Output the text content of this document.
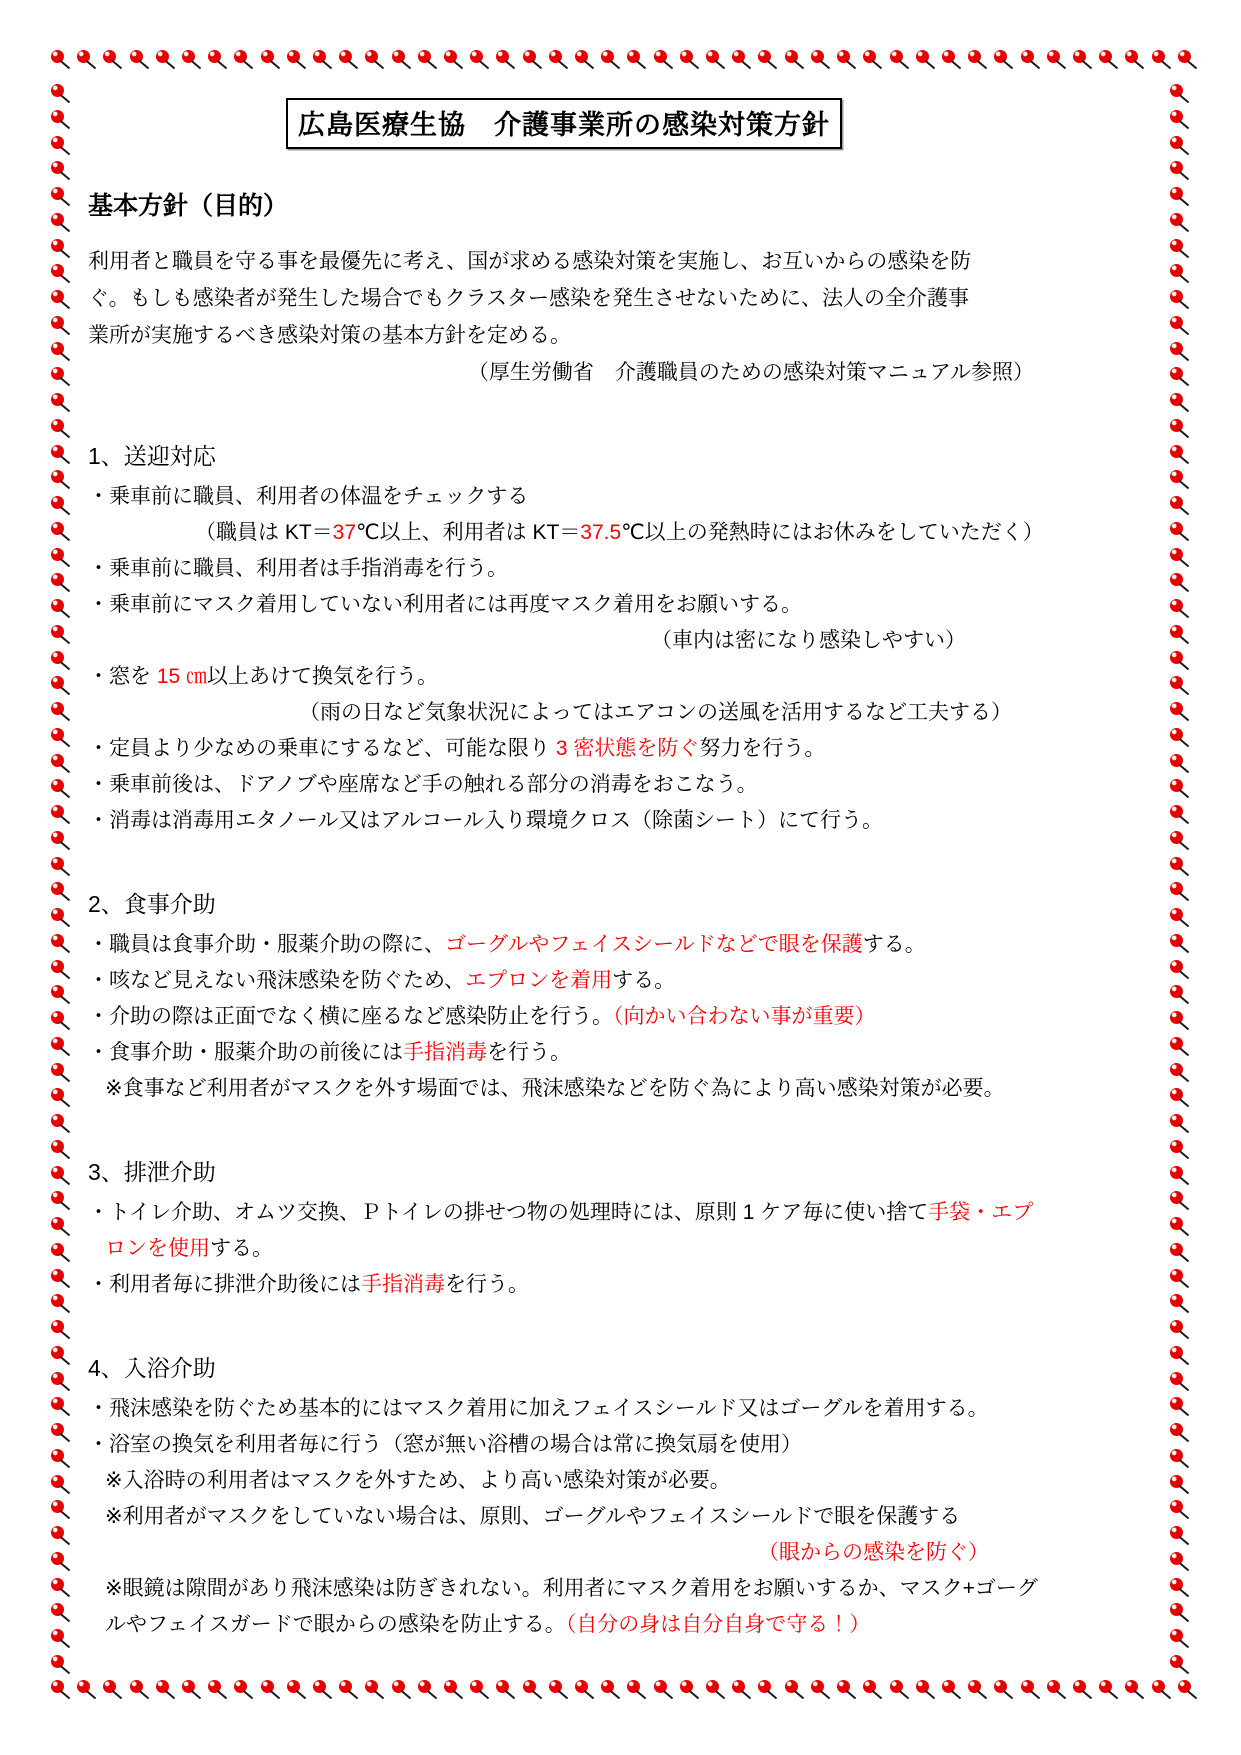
広島医療生協　介護事業所の感染対策方針
基本方針（目的）
利用者と職員を守る事を最優先に考え、国が求める感染対策を実施し、お互いからの感染を防
ぐ。もしも感染者が発生した場合でもクラスター感染を発生させないために、法人の全介護事
業所が実施するべき感染対策の基本方針を定める。
（厚生労働省　介護職員のための感染対策マニュアル参照）
1、送迎対応
・乗車前に職員、利用者の体温をチェックする
（職員は KT＝37℃以上、利用者は KT＝37.5℃以上の発熱時にはお休みをしていただく）
・乗車前に職員、利用者は手指消毒を行う。
・乗車前にマスク着用していない利用者には再度マスク着用をお願いする。
（車内は密になり感染しやすい）
・窓を 15 ㎝以上あけて換気を行う。
（雨の日など気象状況によってはエアコンの送風を活用するなど工夫する）
・定員より少なめの乗車にするなど、可能な限り 3 密状態を防ぐ努力を行う。
・乗車前後は、ドアノブや座席など手の触れる部分の消毒をおこなう。
・消毒は消毒用エタノール又はアルコール入り環境クロス（除菌シート）にて行う。
2、食事介助
・職員は食事介助・服薬介助の際に、ゴーグルやフェイスシールドなどで眼を保護する。
・咳など見えない飛沫感染を防ぐため、エプロンを着用する。
・介助の際は正面でなく横に座るなど感染防止を行う。（向かい合わない事が重要）
・食事介助・服薬介助の前後には手指消毒を行う。
※食事など利用者がマスクを外す場面では、飛沫感染などを防ぐ為により高い感染対策が必要。
3、排泄介助
・トイレ介助、オムツ交換、Ｐトイレの排せつ物の処理時には、原則 1 ケア毎に使い捨て手袋・エプ
ロンを使用する。
・利用者毎に排泄介助後には手指消毒を行う。
4、入浴介助
・飛沫感染を防ぐため基本的にはマスク着用に加えフェイスシールド又はゴーグルを着用する。
・浴室の換気を利用者毎に行う（窓が無い浴槽の場合は常に換気扇を使用）
※入浴時の利用者はマスクを外すため、より高い感染対策が必要。
※利用者がマスクをしていない場合は、原則、ゴーグルやフェイスシールドで眼を保護する
（眼からの感染を防ぐ）
※眼鏡は隙間があり飛沫感染は防ぎきれない。利用者にマスク着用をお願いするか、マスク+ゴーグ
ルやフェイスガードで眼からの感染を防止する。（自分の身は自分自身で守る！）
